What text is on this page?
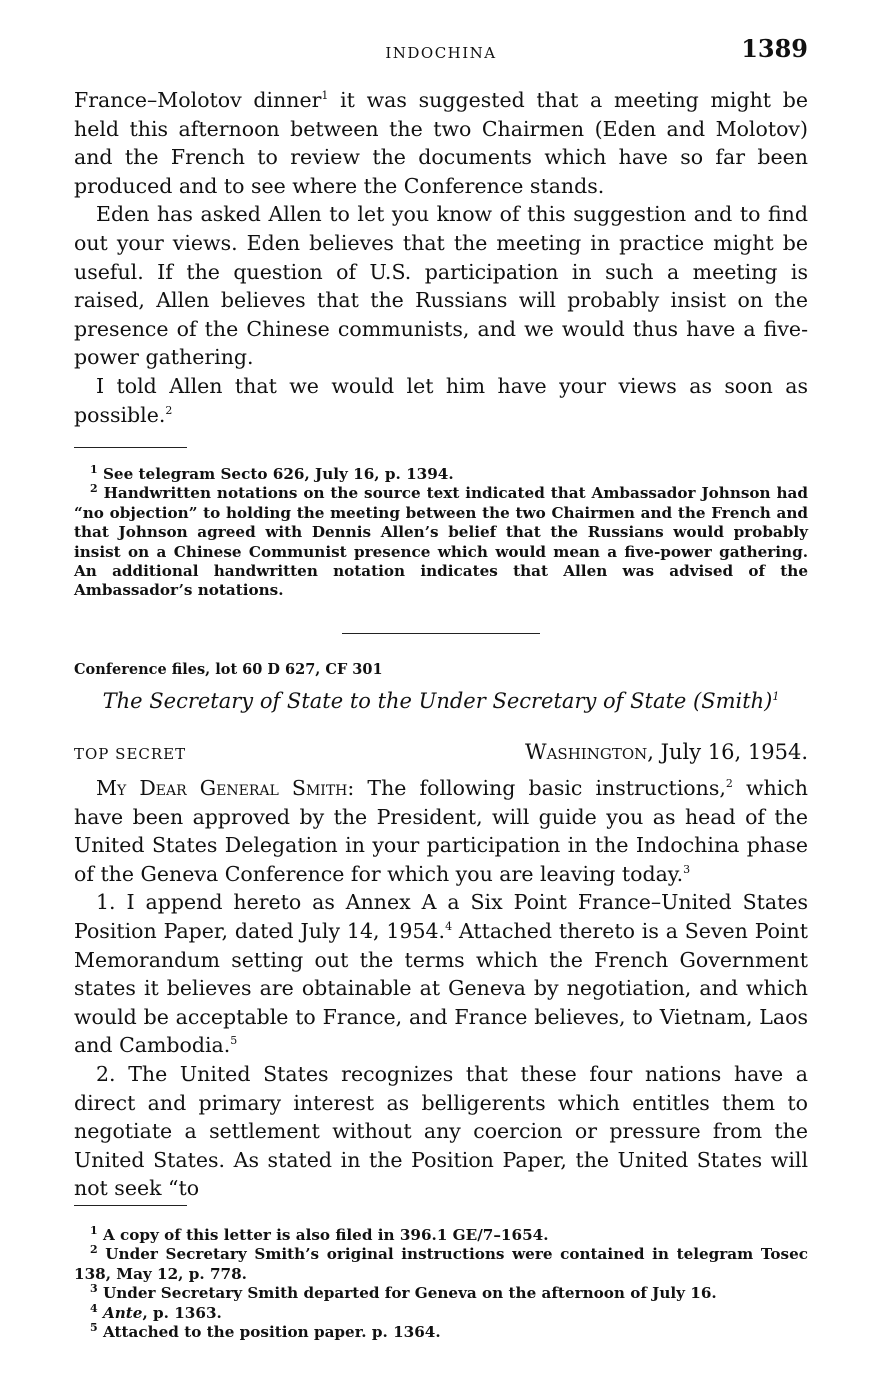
INDOCHINA	1389

France–Molotov dinner$^1$ it was suggested that a meeting might be held this afternoon between the two Chairmen (Eden and Molotov) and the French to review the documents which have so far been produced and to see where the Conference stands.

Eden has asked Allen to let you know of this suggestion and to find out your views. Eden believes that the meeting in practice might be useful. If the question of U.S. participation in such a meeting is raised, Allen believes that the Russians will probably insist on the presence of the Chinese communists, and we would thus have a five-power gathering.

I told Allen that we would let him have your views as soon as possible.$^2$

$^1$ See telegram Secto 626, July 16, p. 1394.

$^2$ Handwritten notations on the source text indicated that Ambassador Johnson had “no objection” to holding the meeting between the two Chairmen and the French and that Johnson agreed with Dennis Allen’s belief that the Russians would probably insist on a Chinese Communist presence which would mean a five-power gathering. An additional handwritten notation indicates that Allen was advised of the Ambassador’s notations.

Conference files, lot 60 D 627, CF 301
The Secretary of State to the Under Secretary of State (Smith)$^1$
TOP SECRET	Washington, July 16, 1954.

My Dear General Smith: The following basic instructions,$^2$ which have been approved by the President, will guide you as head of the United States Delegation in your participation in the Indochina phase of the Geneva Conference for which you are leaving today.$^3$

1. I append hereto as Annex A a Six Point France–United States Position Paper, dated July 14, 1954.$^4$ Attached thereto is a Seven Point Memorandum setting out the terms which the French Government states it believes are obtainable at Geneva by negotiation, and which would be acceptable to France, and France believes, to Vietnam, Laos and Cambodia.$^5$

2. The United States recognizes that these four nations have a direct and primary interest as belligerents which entitles them to negotiate a settlement without any coercion or pressure from the United States. As stated in the Position Paper, the United States will not seek “to

$^1$ A copy of this letter is also filed in 396.1 GE/7–1654.

$^2$ Under Secretary Smith’s original instructions were contained in telegram Tosec 138, May 12, p. 778.

$^3$ Under Secretary Smith departed for Geneva on the afternoon of July 16.

$^4$ Ante, p. 1363.

$^5$ Attached to the position paper. p. 1364.
